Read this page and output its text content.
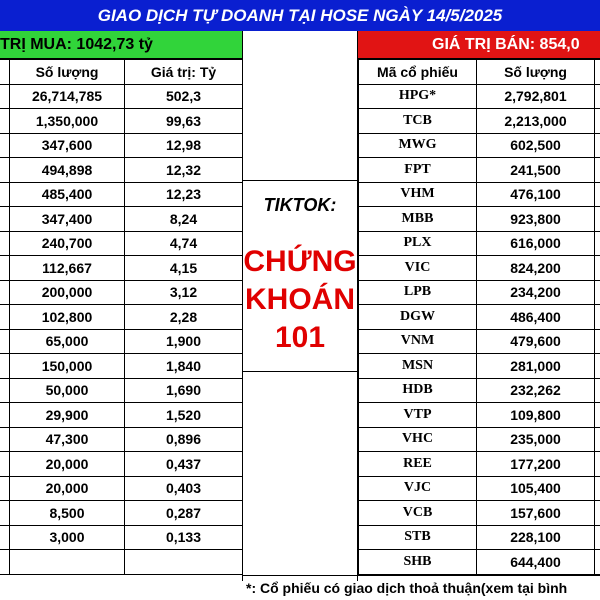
GIAO DỊCH TỰ DOANH TẠI HOSE NGÀY 14/5/2025
TRỊ MUA: 1042,73 tỷ
	Số lượng	Giá trị: Tỷ
	26,714,785	502,3
	1,350,000	99,63
	347,600	12,98
	494,898	12,32
	485,400	12,23
	347,400	8,24
	240,700	4,74
	112,667	4,15
	200,000	3,12
	102,800	2,28
	65,000	1,900
	150,000	1,840
	50,000	1,690
	29,900	1,520
	47,300	0,896
	20,000	0,437
	20,000	0,403
	8,500	0,287
	3,000	0,133

TIKTOK:
CHỨNG
KHOÁN
101
GIÁ TRỊ BÁN: 854,0
Mã cổ phiếu	Số lượng	
HPG*	2,792,801	
TCB	2,213,000	
MWG	602,500	
FPT	241,500	
VHM	476,100	
MBB	923,800	
PLX	616,000	
VIC	824,200	
LPB	234,200	
DGW	486,400	
VNM	479,600	
MSN	281,000	
HDB	232,262	
VTP	109,800	
VHC	235,000	
REE	177,200	
VJC	105,400	
VCB	157,600	
STB	228,100	
SHB	644,400	
*: Cổ phiếu có giao dịch thoả thuận(xem tại bình
